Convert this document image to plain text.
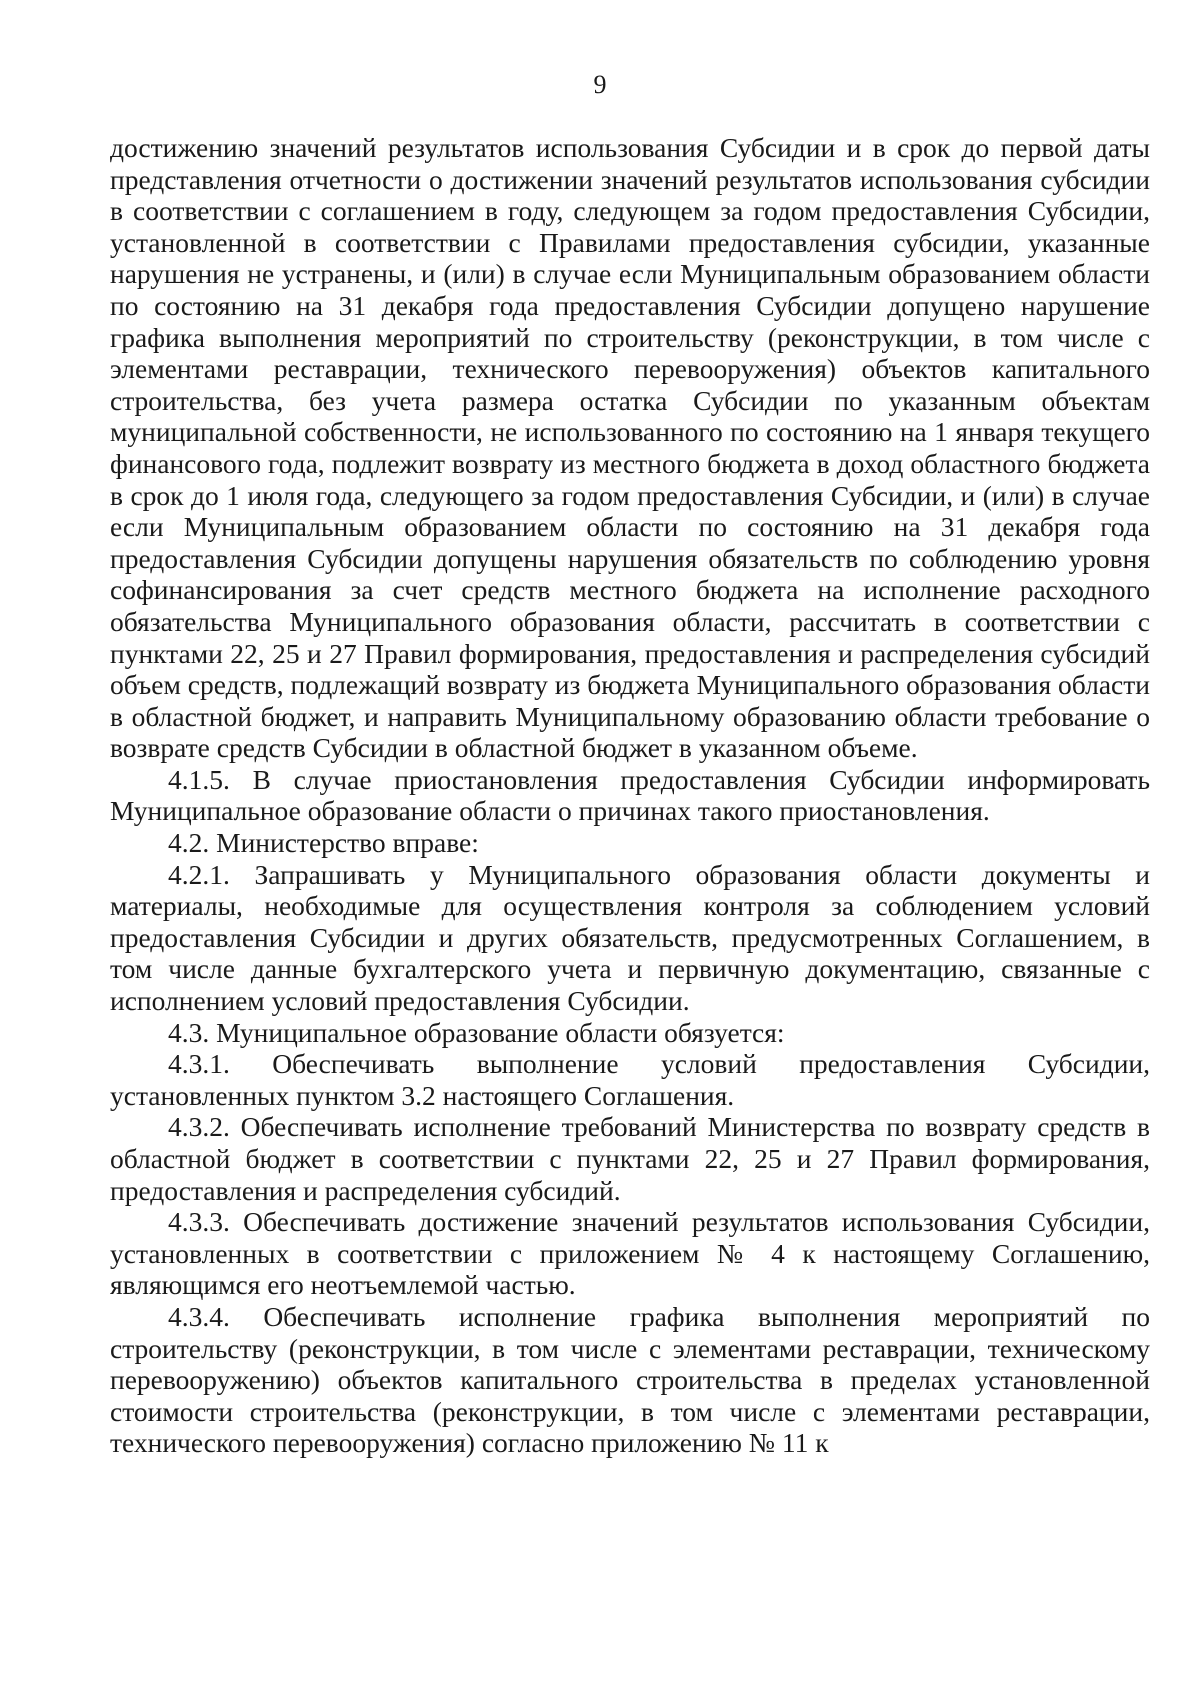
9

достижению значений результатов использования Субсидии и в срок до первой даты представления отчетности о достижении значений результатов использования субсидии в соответствии с соглашением в году, следующем за годом предоставления Субсидии, установленной в соответствии с Правилами предоставления субсидии, указанные нарушения не устранены, и (или) в случае если Муниципальным образованием области по состоянию на 31 декабря года предоставления Субсидии допущено нарушение графика выполнения мероприятий по строительству (реконструкции, в том числе с элементами реставрации, технического перевооружения) объектов капитального строительства, без учета размера остатка Субсидии по указанным объектам муниципальной собственности, не использованного по состоянию на 1 января текущего финансового года, подлежит возврату из местного бюджета в доход областного бюджета в срок до 1 июля года, следующего за годом предоставления Субсидии, и (или) в случае если Муниципальным образованием области по состоянию на 31 декабря года предоставления Субсидии допущены нарушения обязательств по соблюдению уровня софинансирования за счет средств местного бюджета на исполнение расходного обязательства Муниципального образования области, рассчитать в соответствии с пунктами 22, 25 и 27 Правил формирования, предоставления и распределения субсидий объем средств, подлежащий возврату из бюджета Муниципального образования области в областной бюджет, и направить Муниципальному образованию области требование о возврате средств Субсидии в областной бюджет в указанном объеме.

4.1.5. В случае приостановления предоставления Субсидии информировать Муниципальное образование области о причинах такого приостановления.

4.2. Министерство вправе:

4.2.1. Запрашивать у Муниципального образования области документы и материалы, необходимые для осуществления контроля за соблюдением условий предоставления Субсидии и других обязательств, предусмотренных Соглашением, в том числе данные бухгалтерского учета и первичную документацию, связанные с исполнением условий предоставления Субсидии.

4.3. Муниципальное образование области обязуется:

4.3.1. Обеспечивать выполнение условий предоставления Субсидии, установленных пунктом 3.2 настоящего Соглашения.

4.3.2. Обеспечивать исполнение требований Министерства по возврату средств в областной бюджет в соответствии с пунктами 22, 25 и 27 Правил формирования, предоставления и распределения субсидий.

4.3.3. Обеспечивать достижение значений результатов использования Субсидии, установленных в соответствии с приложением № 4 к настоящему Соглашению, являющимся его неотъемлемой частью.

4.3.4. Обеспечивать исполнение графика выполнения мероприятий по строительству (реконструкции, в том числе с элементами реставрации, техническому перевооружению) объектов капитального строительства в пределах установленной стоимости строительства (реконструкции, в том числе с элементами реставрации, технического перевооружения) согласно приложению № 11 к
